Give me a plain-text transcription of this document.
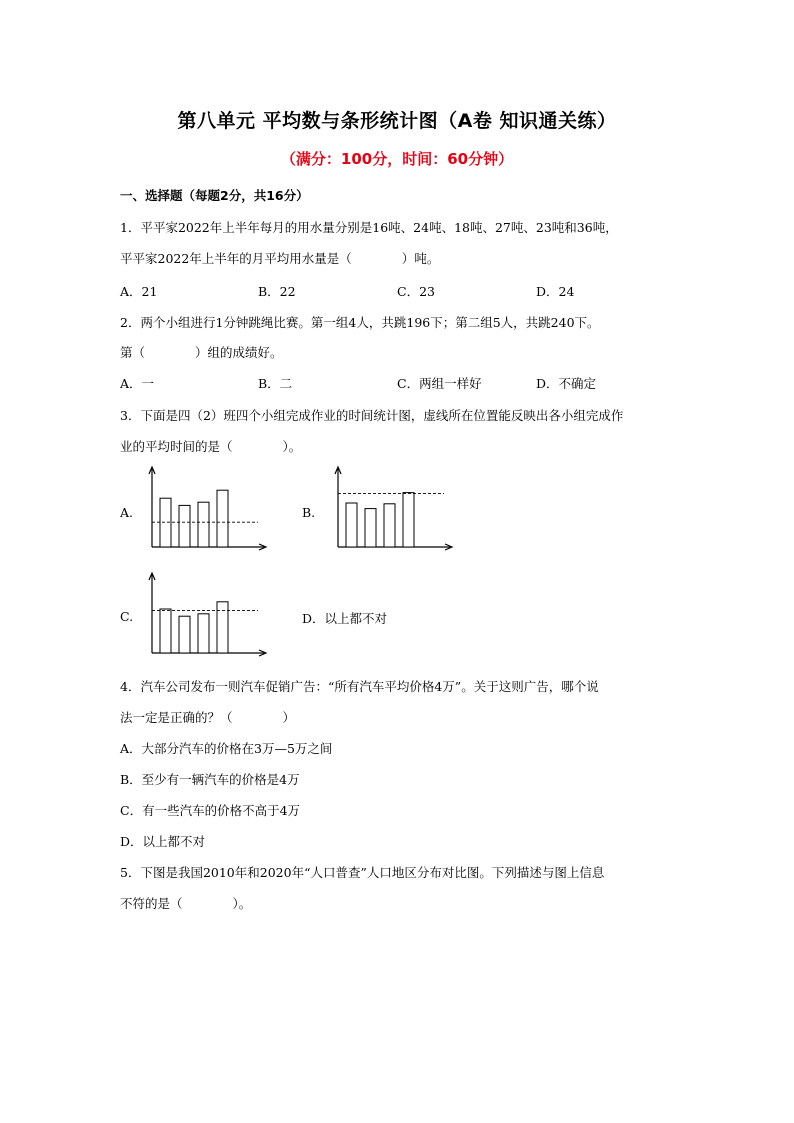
第八单元 平均数与条形统计图（A卷 知识通关练）
（满分：100分，时间：60分钟）
一、选择题（每题2分，共16分）
1．平平家2022年上半年每月的用水量分别是16吨、24吨、18吨、27吨、23吨和36吨，
平平家2022年上半年的月平均用水量是（　　　　）吨。
A．21	B．22	C．23	D．24
2．两个小组进行1分钟跳绳比赛。第一组4人，共跳196下；第二组5人，共跳240下。
第（　　　　）组的成绩好。
A．一	B．二	C．两组一样好	D．不确定
3．下面是四（2）班四个小组完成作业的时间统计图，虚线所在位置能反映出各小组完成作
业的平均时间的是（　　　　）。
A.	B.
C.	D．以上都不对
4．汽车公司发布一则汽车促销广告：“所有汽车平均价格4万”。关于这则广告，哪个说
法一定是正确的？（　　　　）
A．大部分汽车的价格在3万—5万之间
B．至少有一辆汽车的价格是4万
C．有一些汽车的价格不高于4万
D．以上都不对
5．下图是我国2010年和2020年“人口普查”人口地区分布对比图。下列描述与图上信息
不符的是（　　　　）。
